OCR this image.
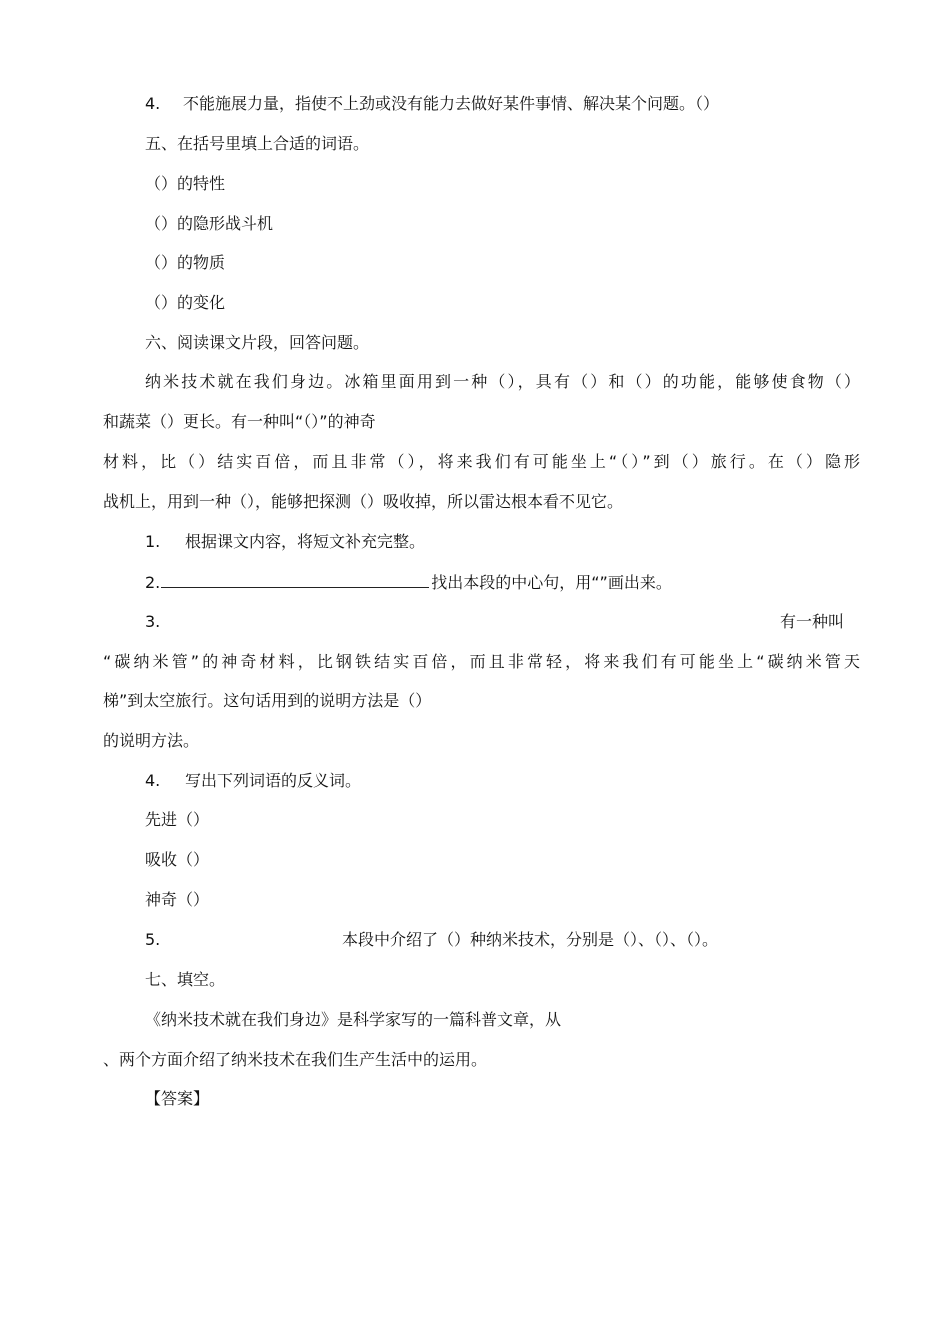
4. 不能施展力量，指使不上劲或没有能力去做好某件事情、解决某个问题。（）
五、在括号里填上合适的词语。
（）的特性
（）的隐形战斗机
（）的物质
（）的变化
六、阅读课文片段，回答问题。
纳米技术就在我们身边。冰箱里面用到一种（），具有（）和（）的功能，能够使食物（）
和蔬菜（）更长。有一种叫“（）”的神奇
材料，比（）结实百倍，而且非常（），将来我们有可能坐上“（）”到（）旅行。在（）隐形
战机上，用到一种（），能够把探测（）吸收掉，所以雷达根本看不见它。
1. 根据课文内容，将短文补充完整。
2.	找出本段的中心句，用“”画出来。
3.	有一种叫
“碳纳米管”的神奇材料，比钢铁结实百倍，而且非常轻，将来我们有可能坐上“碳纳米管天
梯”到太空旅行。这句话用到的说明方法是（）
的说明方法。
4. 写出下列词语的反义词。
先进（）
吸收（）
神奇（）
5.	本段中介绍了（）种纳米技术，分别是（）、（）、（）。
七、填空。
《纳米技术就在我们身边》是科学家写的一篇科普文章，从
、两个方面介绍了纳米技术在我们生产生活中的运用。
【答案】
